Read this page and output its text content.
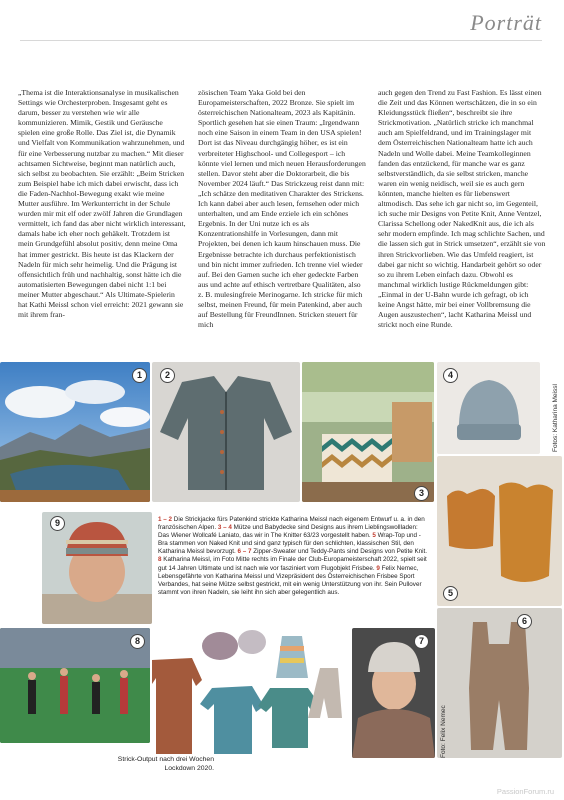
Porträt

„Thema ist die Interaktionsanalyse in musikalischen Settings wie Orchesterproben. Insgesamt geht es darum, besser zu verstehen wie wir alle kommunizieren. Mimik, Gestik und Geräusche spielen eine große Rolle. Das Ziel ist, die Dynamik und Vielfalt von Kommunikation wahrzunehmen, und für eine Verbesserung nutzbar zu machen.“ Mit dieser achtsamen Sichtweise, beginnt man natürlich auch, sich selbst zu beobachten. Sie erzählt: „Beim Stricken zum Beispiel habe ich mich dabei erwischt, dass ich die Faden-Nachhol-Bewegung exakt wie meine Mutter ausführe. Im Werkunterricht in der Schule wurden mir mit elf oder zwölf Jahren die Grundlagen vermittelt, ich fand das aber nicht wirklich interessant, damals habe ich eher noch gehäkelt. Trotzdem ist mein Grundgefühl absolut positiv, denn meine Oma hat immer gestrickt. Bis heute ist das Klackern der Nadeln für mich sehr heimelig. Und die Prägung ist offensichtlich früh und nachhaltig, sonst hätte ich die automatisierten Bewegungen dabei nicht 1:1 bei meiner Mutter abgeschaut.“ Als Ultimate-Spielerin hat Kathi Meissl schon viel erreicht: 2021 gewann sie mit ihrem fran-

zösischen Team Yaka Gold bei den Europameisterschaften, 2022 Bronze. Sie spielt im österreichischen Nationalteam, 2023 als Kapitänin. Sportlich gesehen hat sie einen Traum: „Irgendwann noch eine Saison in einem Team in den USA spielen! Dort ist das Niveau durchgängig höher, es ist ein verbreiteter Highschool- und Collegesport – ich könnte viel lernen und mich neuen Herausforderungen stellen. Davor steht aber die Doktorarbeit, die bis November 2024 läuft.“ Das Strickzeug reist dann mit: „Ich schätze den meditativen Charakter des Strickens. Ich kann dabei aber auch lesen, fernsehen oder mich unterhalten, und am Ende erziele ich ein schönes Ergebnis. In der Uni nutze ich es als Konzentrationshilfe in Vorlesungen, dann mit Projekten, bei denen ich kaum hinschauen muss. Die Ergebnisse betrachte ich durchaus perfektionistisch und bin nicht immer zufrieden. Ich trenne viel wieder auf. Bei den Garnen suche ich eher gedeckte Farben aus und achte auf ethisch vertretbare Qualitäten, also z. B. mulesingfreie Merinogarne. Ich stricke für mich selbst, meinen Freund, für mein Patenkind, aber auch auf Bestellung für FreundInnen. Stricken steuert für mich

auch gegen den Trend zu Fast Fashion. Es lässt einen die Zeit und das Können wertschätzen, die in so ein Kleidungsstück fließen“, beschreibt sie ihre Strickmotivation. „Natürlich stricke ich manchmal auch am Spielfeldrand, und im Trainingslager mit dem Österreichischen Nationalteam hatte ich auch Nadeln und Wolle dabei. Meine Teamkolleginnen fanden das entzückend, für manche war es ganz selbstverständlich, da sie selbst stricken, manche waren ein wenig neidisch, weil sie es auch gern könnten, manche hielten es für liebenswert altmodisch. Das sehe ich gar nicht so, im Gegenteil, ich suche mir Designs von Petite Knit, Anne Ventzel, Clarissa Schellong oder NakedKnit aus, die ich als sehr modern empfinde. Ich mag schlichte Sachen, und die lassen sich gut in Strick umsetzen“, erzählt sie von ihren Strickvorlieben. Wie das Umfeld reagiert, ist dabei gar nicht so wichtig. Handarbeit gehört so oder so zu ihrem Leben einfach dazu. Obwohl es manchmal wirklich lustige Rückmeldungen gibt: „Einmal in der U-Bahn wurde ich gefragt, ob ich keine Angst hätte, mir bei einer Vollbremsung die Augen auszustechen“, lacht Katharina Meissl und strickt noch eine Runde.

1	2
3
4
5
6
9
8	7

1 – 2 Die Strickjacke fürs Patenkind strickte Katharina Meissl nach eigenem Entwurf u. a. in den französischen Alpen. 3 – 4 Mütze und Babydecke sind Designs aus ihrem Lieblingswollladen: Das Wiener Wollcafé Laniato, das wir in The Knitter 63/23 vorgestellt haben. 5 Wrap-Top und -Bra stammen von Naked Knit und sind ganz typisch für den schlichten, klassischen Stil, den Katharina Meissl bevorzugt. 6 – 7 Zipper-Sweater und Teddy-Pants sind Designs von Petite Knit. 8 Katharina Meissl, im Foto Mitte rechts im Finale der Club-Europameisterschaft 2022, spielt seit gut 14 Jahren Ultimate und ist nach wie vor fasziniert vom Flugobjekt Frisbee. 9 Felix Nemec, Lebensgefährte von Katharina Meissl und Vizepräsident des Österreichischen Frisbee Sport Verbandes, hat seine Mütze selbst gestrickt, mit ein wenig Unterstützung von ihr. Sein Pullover stammt von ihren Nadeln, sie leiht ihn sich aber gelegentlich aus.

Fotos: Katharina Meissl
Foto: Felix Nemec
Strick-Output nach drei Wochen Lockdown 2020.
PassionForum.ru
